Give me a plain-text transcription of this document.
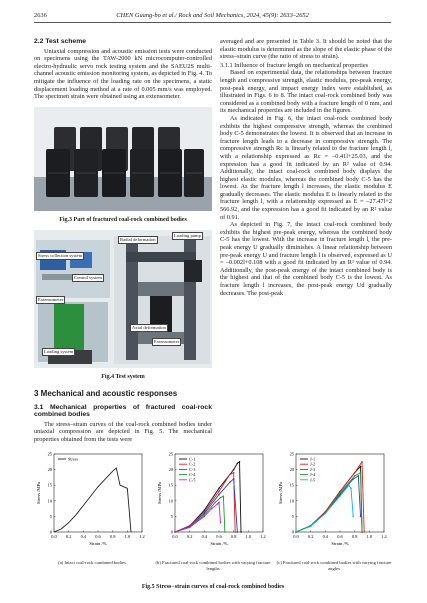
2636	CHEN Guang-bo et al./ Rock and Soil Mechanics, 2024, 45(9): 2633–2652
2.2 Test scheme
Uniaxial compression and acoustic emission tests were conducted on specimens using the TAW-2000 kN microcomputer-controlled electro-hydraulic servo rock testing system and the SAEU2S multi-channel acoustic emission monitoring system, as depicted in Fig. 4. To mitigate the influence of the loading rate on the specimens, a static displacement loading method at a rate of 0.005 mm/s was employed. The specimen strain were obtained using an extensometer.
Fig.3 Part of fractured coal-rock combined bodies
Radial deformation
Loading pump
Stress collection system
Control system
Extensometer
Axial deformation
Extensometer
Loading system
Fig.4 Test system
3 Mechanical and acoustic responses
3.1 Mechanical properties of fractured coal-rock combined bodies
The stress–strain curves of the coal-rock combined bodies under uniaxial compression are depicted in Fig. 5. The mechanical properties obtained from the tests were
averaged and are presented in Table 3. It should be noted that the elastic modulus is determined as the slope of the elastic phase of the stress–strain curve (the ratio of stress to strain).
3.1.1 Influence of fracture length on mechanical properties
Based on experimental data, the relationships between fracture length and compressive strength, elastic modulus, pre-peak energy, post-peak energy, and impact energy index were established, as illustrated in Figs. 6 to 8. The intact coal-rock combined body was considered as a combined body with a fracture length of 0 mm, and its mechanical properties are included in the figures.
As indicated in Fig. 6, the intact coal-rock combined body exhibits the highest compressive strength, whereas the combined body C-5 demonstrates the lowest. It is observed that an increase in fracture length leads to a decrease in compressive strength. The compressive strength Rc is linearly related to the fracture length l, with a relationship expressed as Rc = –0.41l+25.03, and the expression has a good fit indicated by an R² value of 0.94. Additionally, the intact coal-rock combined body displays the highest elastic modulus, whereas the combined body C-5 has the lowest. As the fracture length l increases, the elastic modulus E gradually decreases. The elastic modulus E is linearly related to the fracture length l, with a relationship expressed as E = –27.47l+2 566.92, and the expression has a good fit indicated by an R² value of 0.91.
As depicted in Fig. 7, the intact coal-rock combined body exhibits the highest pre-peak energy, whereas the combined body C-5 has the lowest. With the increase in fracture length l, the pre-peak energy U gradually diminishes. A linear relationship between pre-peak energy U and fracture length l is observed, expressed as U = –0.002l+0.108 with a good fit indicated by an R² value of 0.94. Additionally, the post-peak energy of the intact combined body is the highest and that of the combined body C-5 is the lowest. As fracture length l increases, the post-peak energy Ud gradually decreases. The post-peak
0.0 0.2 0.4 0.6 0.8 1.0 1.2
0
5
10
15
20
25
Strain /%
Stress /MPa
Stress
(a) Intact coal-rock combined bodies
0.0 0.2 0.4 0.6 0.8 1.0 1.2
0
5
10
15
20
25
Strain /%
Stress /MPa
C-1
C-2
C-3
C-4
C-5
(b) Fractured coal-rock combined bodies with varying fracture lengths
0.0 0.2 0.4 0.6 0.8 1.0 1.2
0
5
10
15
20
25
Strain /%
Stress /MPa
J-1
J-2
J-3
J-4
J-5
(c) Fractured coal-rock combined bodies with varying fracture angles
Fig.5 Stress−strain curves of coal-rock combined bodies
